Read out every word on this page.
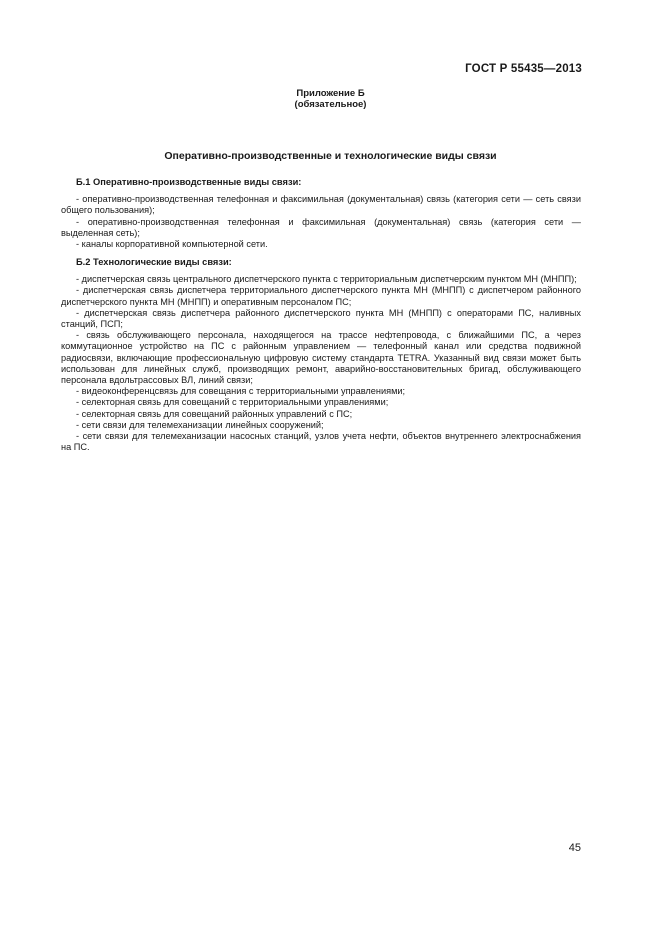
ГОСТ Р 55435—2013
Приложение Б
(обязательное)
Оперативно-производственные и технологические виды связи

Б.1 Оперативно-производственные виды связи:

- оперативно-производственная телефонная и факсимильная (документальная) связь (категория сети — сеть связи общего пользования);

- оперативно-производственная телефонная и факсимильная (документальная) связь (категория сети — выделенная сеть);

- каналы корпоративной компьютерной сети.

Б.2 Технологические виды связи:

- диспетчерская связь центрального диспетчерского пункта с территориальным диспетчерским пунктом МН (МНПП);

- диспетчерская связь диспетчера территориального диспетчерского пункта МН (МНПП) с диспетчером районного диспетчерского пункта МН (МНПП) и оперативным персоналом ПС;

- диспетчерская связь диспетчера районного диспетчерского пункта МН (МНПП) с операторами ПС, наливных станций, ПСП;

- связь обслуживающего персонала, находящегося на трассе нефтепровода, с ближайшими ПС, а через коммутационное устройство на ПС с районным управлением — телефонный канал или средства подвижной радиосвязи, включающие профессиональную цифровую систему стандарта TETRA. Указанный вид связи может быть использован для линейных служб, производящих ремонт, аварийно-восстановительных бригад, обслуживающего персонала вдольтрассовых ВЛ, линий связи;

- видеоконференцсвязь для совещания с территориальными управлениями;

- селекторная связь для совещаний с территориальными управлениями;

- селекторная связь для совещаний районных управлений с ПС;

- сети связи для телемеханизации линейных сооружений;

- сети связи для телемеханизации насосных станций, узлов учета нефти, объектов внутреннего электроснабжения на ПС.

45
